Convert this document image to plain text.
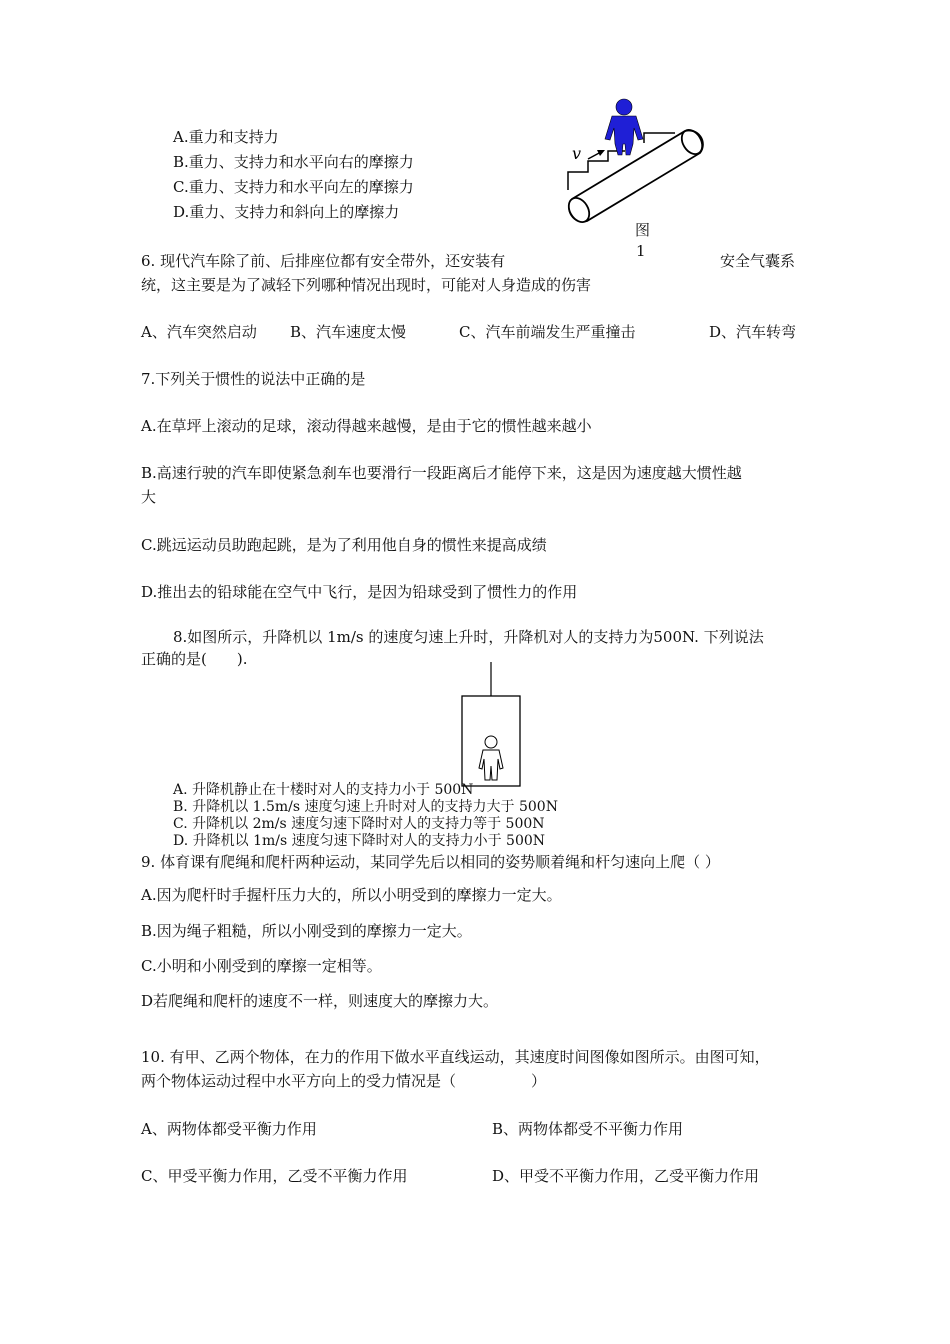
A.重力和支持力
B.重力、支持力和水平向右的摩擦力
C.重力、支持力和水平向左的摩擦力
D.重力、支持力和斜向上的摩擦力
v
图
1
6. 现代汽车除了前、后排座位都有安全带外，还安装有	安全气囊系
统，这主要是为了减轻下列哪种情况出现时，可能对人身造成的伤害
A、汽车突然启动 B、汽车速度太慢	C、汽车前端发生严重撞击	D、汽车转弯
7.下列关于惯性的说法中正确的是
A.在草坪上滚动的足球，滚动得越来越慢，是由于它的惯性越来越小
B.高速行驶的汽车即使紧急刹车也要滑行一段距离后才能停下来，这是因为速度越大惯性越
大
C.跳远运动员助跑起跳，是为了利用他自身的惯性来提高成绩
D.推出去的铅球能在空气中飞行，是因为铅球受到了惯性力的作用
8.如图所示，升降机以 1m/s 的速度匀速上升时，升降机对人的支持力为500N. 下列说法
正确的是(　　).
A. 升降机静止在十楼时对人的支持力小于 500N
B. 升降机以 1.5m/s 速度匀速上升时对人的支持力大于 500N
C. 升降机以 2m/s 速度匀速下降时对人的支持力等于 500N
D. 升降机以 1m/s 速度匀速下降时对人的支持力小于 500N
9. 体育课有爬绳和爬杆两种运动，某同学先后以相同的姿势顺着绳和杆匀速向上爬（ ）
A.因为爬杆时手握杆压力大的，所以小明受到的摩擦力一定大。
B.因为绳子粗糙，所以小刚受到的摩擦力一定大。
C.小明和小刚受到的摩擦一定相等。
D若爬绳和爬杆的速度不一样，则速度大的摩擦力大。
10. 有甲、乙两个物体，在力的作用下做水平直线运动，其速度时间图像如图所示。由图可知，
两个物体运动过程中水平方向上的受力情况是（　　　　　）
A、两物体都受平衡力作用	B、两物体都受不平衡力作用
C、甲受平衡力作用，乙受不平衡力作用	D、甲受不平衡力作用，乙受平衡力作用
